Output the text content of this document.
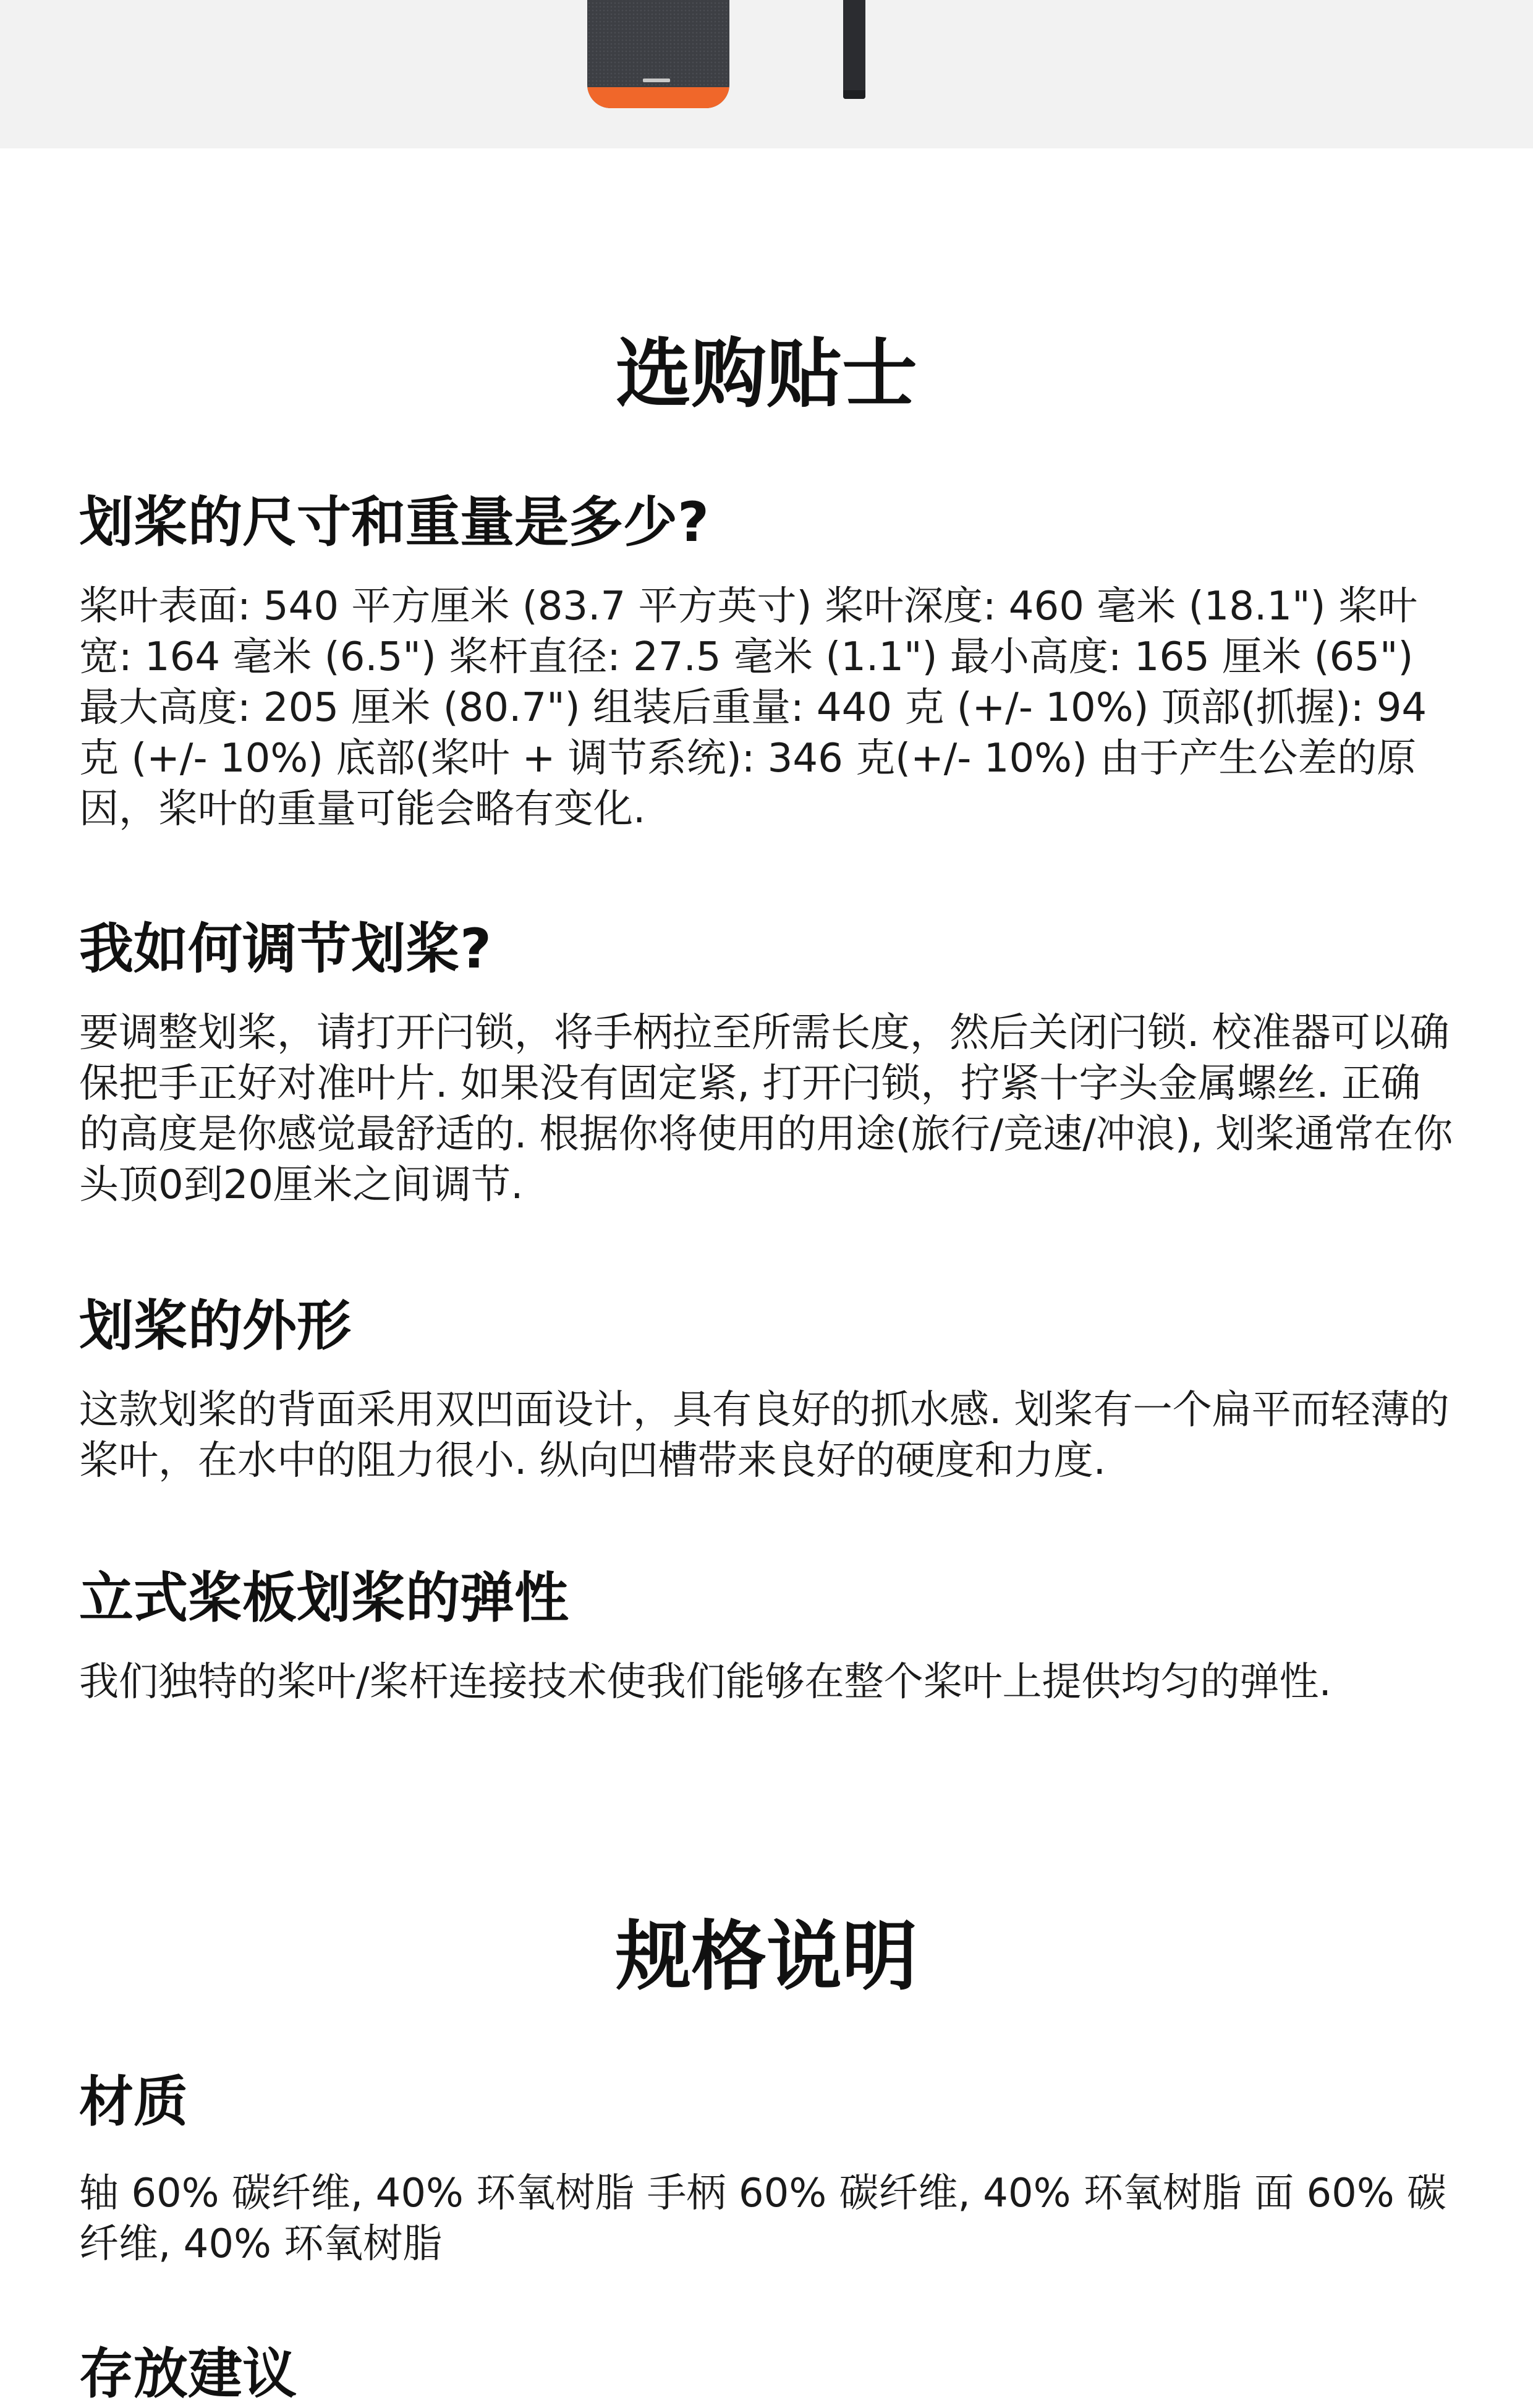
选购贴士
划桨的尺寸和重量是多少?

桨叶表面: 540 平方厘米 (83.7 平方英寸) 桨叶深度: 460 毫米 (18.1") 桨叶宽: 164 毫米 (6.5") 桨杆直径: 27.5 毫米 (1.1") 最小高度: 165 厘米 (65") 最大高度: 205 厘米 (80.7") 组装后重量: 440 克 (+/- 10%) 顶部(抓握): 94 克 (+/- 10%) 底部(桨叶 + 调节系统): 346 克(+/- 10%) 由于产生公差的原因，桨叶的重量可能会略有变化.

我如何调节划桨?

要调整划桨，请打开闩锁，将手柄拉至所需长度，然后关闭闩锁. 校准器可以确保把手正好对准叶片. 如果没有固定紧, 打开闩锁，拧紧十字头金属螺丝. 正确的高度是你感觉最舒适的. 根据你将使用的用途(旅行/竞速/冲浪), 划桨通常在你头顶0到20厘米之间调节.

划桨的外形

这款划桨的背面采用双凹面设计，具有良好的抓水感. 划桨有一个扁平而轻薄的桨叶，在水中的阻力很小. 纵向凹槽带来良好的硬度和力度.

立式桨板划桨的弹性

我们独特的桨叶/桨杆连接技术使我们能够在整个桨叶上提供均匀的弹性.

规格说明
材质

轴 60% 碳纤维, 40% 环氧树脂 手柄 60% 碳纤维, 40% 环氧树脂 面 60% 碳纤维, 40% 环氧树脂

存放建议
